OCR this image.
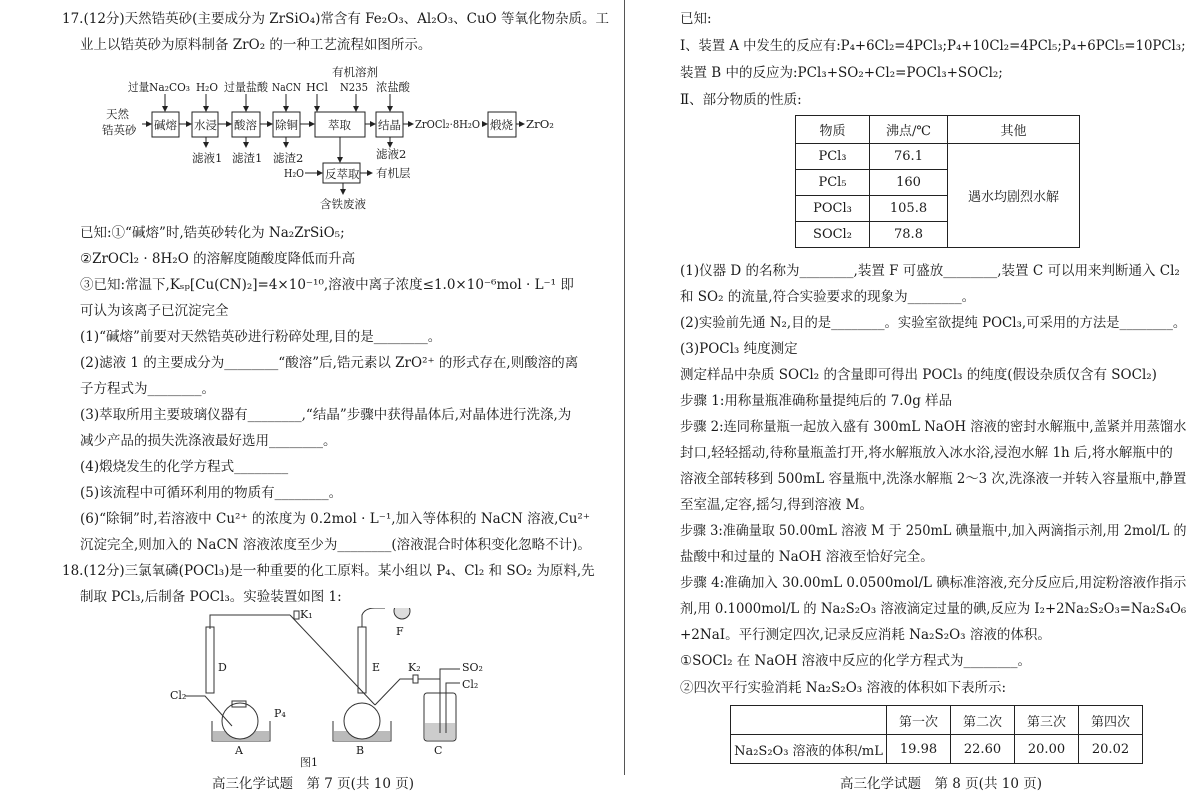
17.(12分)天然锆英砂(主要成分为 ZrSiO₄)常含有 Fe₂O₃、Al₂O₃、CuO 等氧化物杂质。工
业上以锆英砂为原料制备 ZrO₂ 的一种工艺流程如图所示。
天然
锆英砂 碱熔 水浸 酸溶 除铜	萃取 结晶	煅烧
反萃取
过量Na₂CO₃ H₂O 过量盐酸 NaCN HCl
有机溶剂
N235 浓盐酸
滤液1 滤渣1 滤渣2	滤液2
有机层
含铁废液
H₂O
ZrOCl₂·8H₂O	ZrO₂
已知:①“碱熔”时,锆英砂转化为 Na₂ZrSiO₅;
②ZrOCl₂ · 8H₂O 的溶解度随酸度降低而升高
③已知:常温下,Kₛₚ[Cu(CN)₂]=4×10⁻¹⁰,溶液中离子浓度≤1.0×10⁻⁶mol · L⁻¹ 即
可认为该离子已沉淀完全
(1)“碱熔”前要对天然锆英砂进行粉碎处理,目的是________。
(2)滤液 1 的主要成分为________“酸溶”后,锆元素以 ZrO²⁺ 的形式存在,则酸溶的离
子方程式为________。
(3)萃取所用主要玻璃仪器有________,“结晶”步骤中获得晶体后,对晶体进行洗涤,为
减少产品的损失洗涤液最好选用________。
(4)煅烧发生的化学方程式________
(5)该流程中可循环利用的物质有________。
(6)“除铜”时,若溶液中 Cu²⁺ 的浓度为 0.2mol · L⁻¹,加入等体积的 NaCN 溶液,Cu²⁺
沉淀完全,则加入的 NaCN 溶液浓度至少为________(溶液混合时体积变化忽略不计)。
18.(12分)三氯氧磷(POCl₃)是一种重要的化工原料。某小组以 P₄、Cl₂ 和 SO₂ 为原料,先
制取 PCl₃,后制备 POCl₃。实验装置如图 1:
K₁
D	E
F
K₂	SO₂
Cl₂
Cl₂
P₄
A	B	C
图1
高三化学试题　第 7 页(共 10 页)
已知:
Ⅰ、装置 A 中发生的反应有:P₄+6Cl₂=4PCl₃;P₄+10Cl₂=4PCl₅;P₄+6PCl₅=10PCl₃;
装置 B 中的反应为:PCl₃+SO₂+Cl₂=POCl₃+SOCl₂;
Ⅱ、部分物质的性质:
物质	沸点/℃	其他
PCl₃	76.1	遇水均剧烈水解
PCl₅	160	
POCl₃	105.8	
SOCl₂	78.8	
(1)仪器 D 的名称为________,装置 F 可盛放________,装置 C 可以用来判断通入 Cl₂
和 SO₂ 的流量,符合实验要求的现象为________。
(2)实验前先通 N₂,目的是________。实验室欲提纯 POCl₃,可采用的方法是________。
(3)POCl₃ 纯度测定
测定样品中杂质 SOCl₂ 的含量即可得出 POCl₃ 的纯度(假设杂质仅含有 SOCl₂)
步骤 1:用称量瓶准确称量提纯后的 7.0g 样品
步骤 2:连同称量瓶一起放入盛有 300mL NaOH 溶液的密封水解瓶中,盖紧并用蒸馏水
封口,轻轻摇动,待称量瓶盖打开,将水解瓶放入冰水浴,浸泡水解 1h 后,将水解瓶中的
溶液全部转移到 500mL 容量瓶中,洗涤水解瓶 2～3 次,洗涤液一并转入容量瓶中,静置
至室温,定容,摇匀,得到溶液 M。
步骤 3:准确量取 50.00mL 溶液 M 于 250mL 碘量瓶中,加入两滴指示剂,用 2mol/L 的
盐酸中和过量的 NaOH 溶液至恰好完全。
步骤 4:准确加入 30.00mL 0.0500mol/L 碘标准溶液,充分反应后,用淀粉溶液作指示
剂,用 0.1000mol/L 的 Na₂S₂O₃ 溶液滴定过量的碘,反应为 I₂+2Na₂S₂O₃=Na₂S₄O₆
+2NaI。平行测定四次,记录反应消耗 Na₂S₂O₃ 溶液的体积。
①SOCl₂ 在 NaOH 溶液中反应的化学方程式为________。
②四次平行实验消耗 Na₂S₂O₃ 溶液的体积如下表所示:
	第一次	第二次	第三次	第四次
Na₂S₂O₃ 溶液的体积/mL	19.98	22.60	20.00	20.02
高三化学试题　第 8 页(共 10 页)
